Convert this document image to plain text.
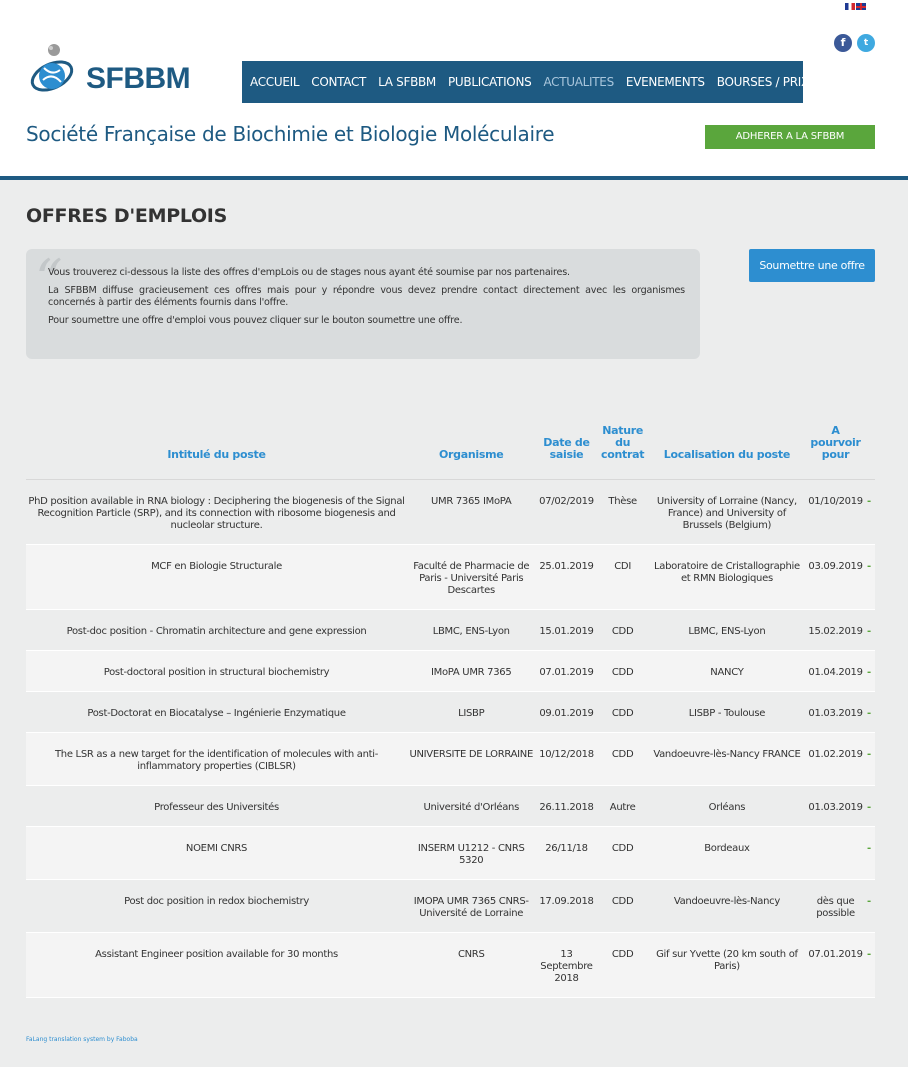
f	t
SFBBM	ACCUEIL CONTACT LA SFBBM PUBLICATIONS ACTUALITES EVENEMENTS BOURSES / PRIX
Société Française de Biochimie et Biologie Moléculaire	ADHERER A LA SFBBM
OFFRES D'EMPLOIS
Soumettre une offre
“

Vous trouverez ci-dessous la liste des offres d'empLois ou de stages nous ayant été soumise par nos partenaires.

La SFBBM diffuse gracieusement ces offres mais pour y répondre vous devez prendre contact directement avec les organismes concernés à partir des éléments fournis dans l'offre.

Pour soumettre une offre d'emploi vous pouvez cliquer sur le bouton soumettre une offre.

Intitulé du poste	Organisme	Date de saisie	Nature du contrat	Localisation du poste	A pourvoir pour	
PhD position available in RNA biology : Deciphering the biogenesis of the Signal Recognition Particle (SRP), and its connection with ribosome biogenesis and nucleolar structure.	UMR 7365 IMoPA	07/02/2019	Thèse	University of Lorraine (Nancy, France) and University of Brussels (Belgium)	01/10/2019	-
MCF en Biologie Structurale	Faculté de Pharmacie de Paris - Université Paris Descartes	25.01.2019	CDI	Laboratoire de Cristallographie et RMN Biologiques	03.09.2019	-
Post-doc position - Chromatin architecture and gene expression	LBMC, ENS-Lyon	15.01.2019	CDD	LBMC, ENS-Lyon	15.02.2019	-
Post-doctoral position in structural biochemistry	IMoPA UMR 7365	07.01.2019	CDD	NANCY	01.04.2019	-
Post-Doctorat en Biocatalyse – Ingénierie Enzymatique	LISBP	09.01.2019	CDD	LISBP - Toulouse	01.03.2019	-
The LSR as a new target for the identification of molecules with anti-inflammatory properties (CIBLSR)	UNIVERSITE DE LORRAINE	10/12/2018	CDD	Vandoeuvre-lès-Nancy FRANCE	01.02.2019	-
Professeur des Universités	Université d'Orléans	26.11.2018	Autre	Orléans	01.03.2019	-
NOEMI CNRS	INSERM U1212 - CNRS 5320	26/11/18	CDD	Bordeaux		-
Post doc position in redox biochemistry	IMOPA UMR 7365 CNRS-Université de Lorraine	17.09.2018	CDD	Vandoeuvre-lès-Nancy	dès que possible	-
Assistant Engineer position available for 30 months	CNRS	13 Septembre 2018	CDD	Gif sur Yvette (20 km south of Paris)	07.01.2019	-
FaLang translation system by Faboba
